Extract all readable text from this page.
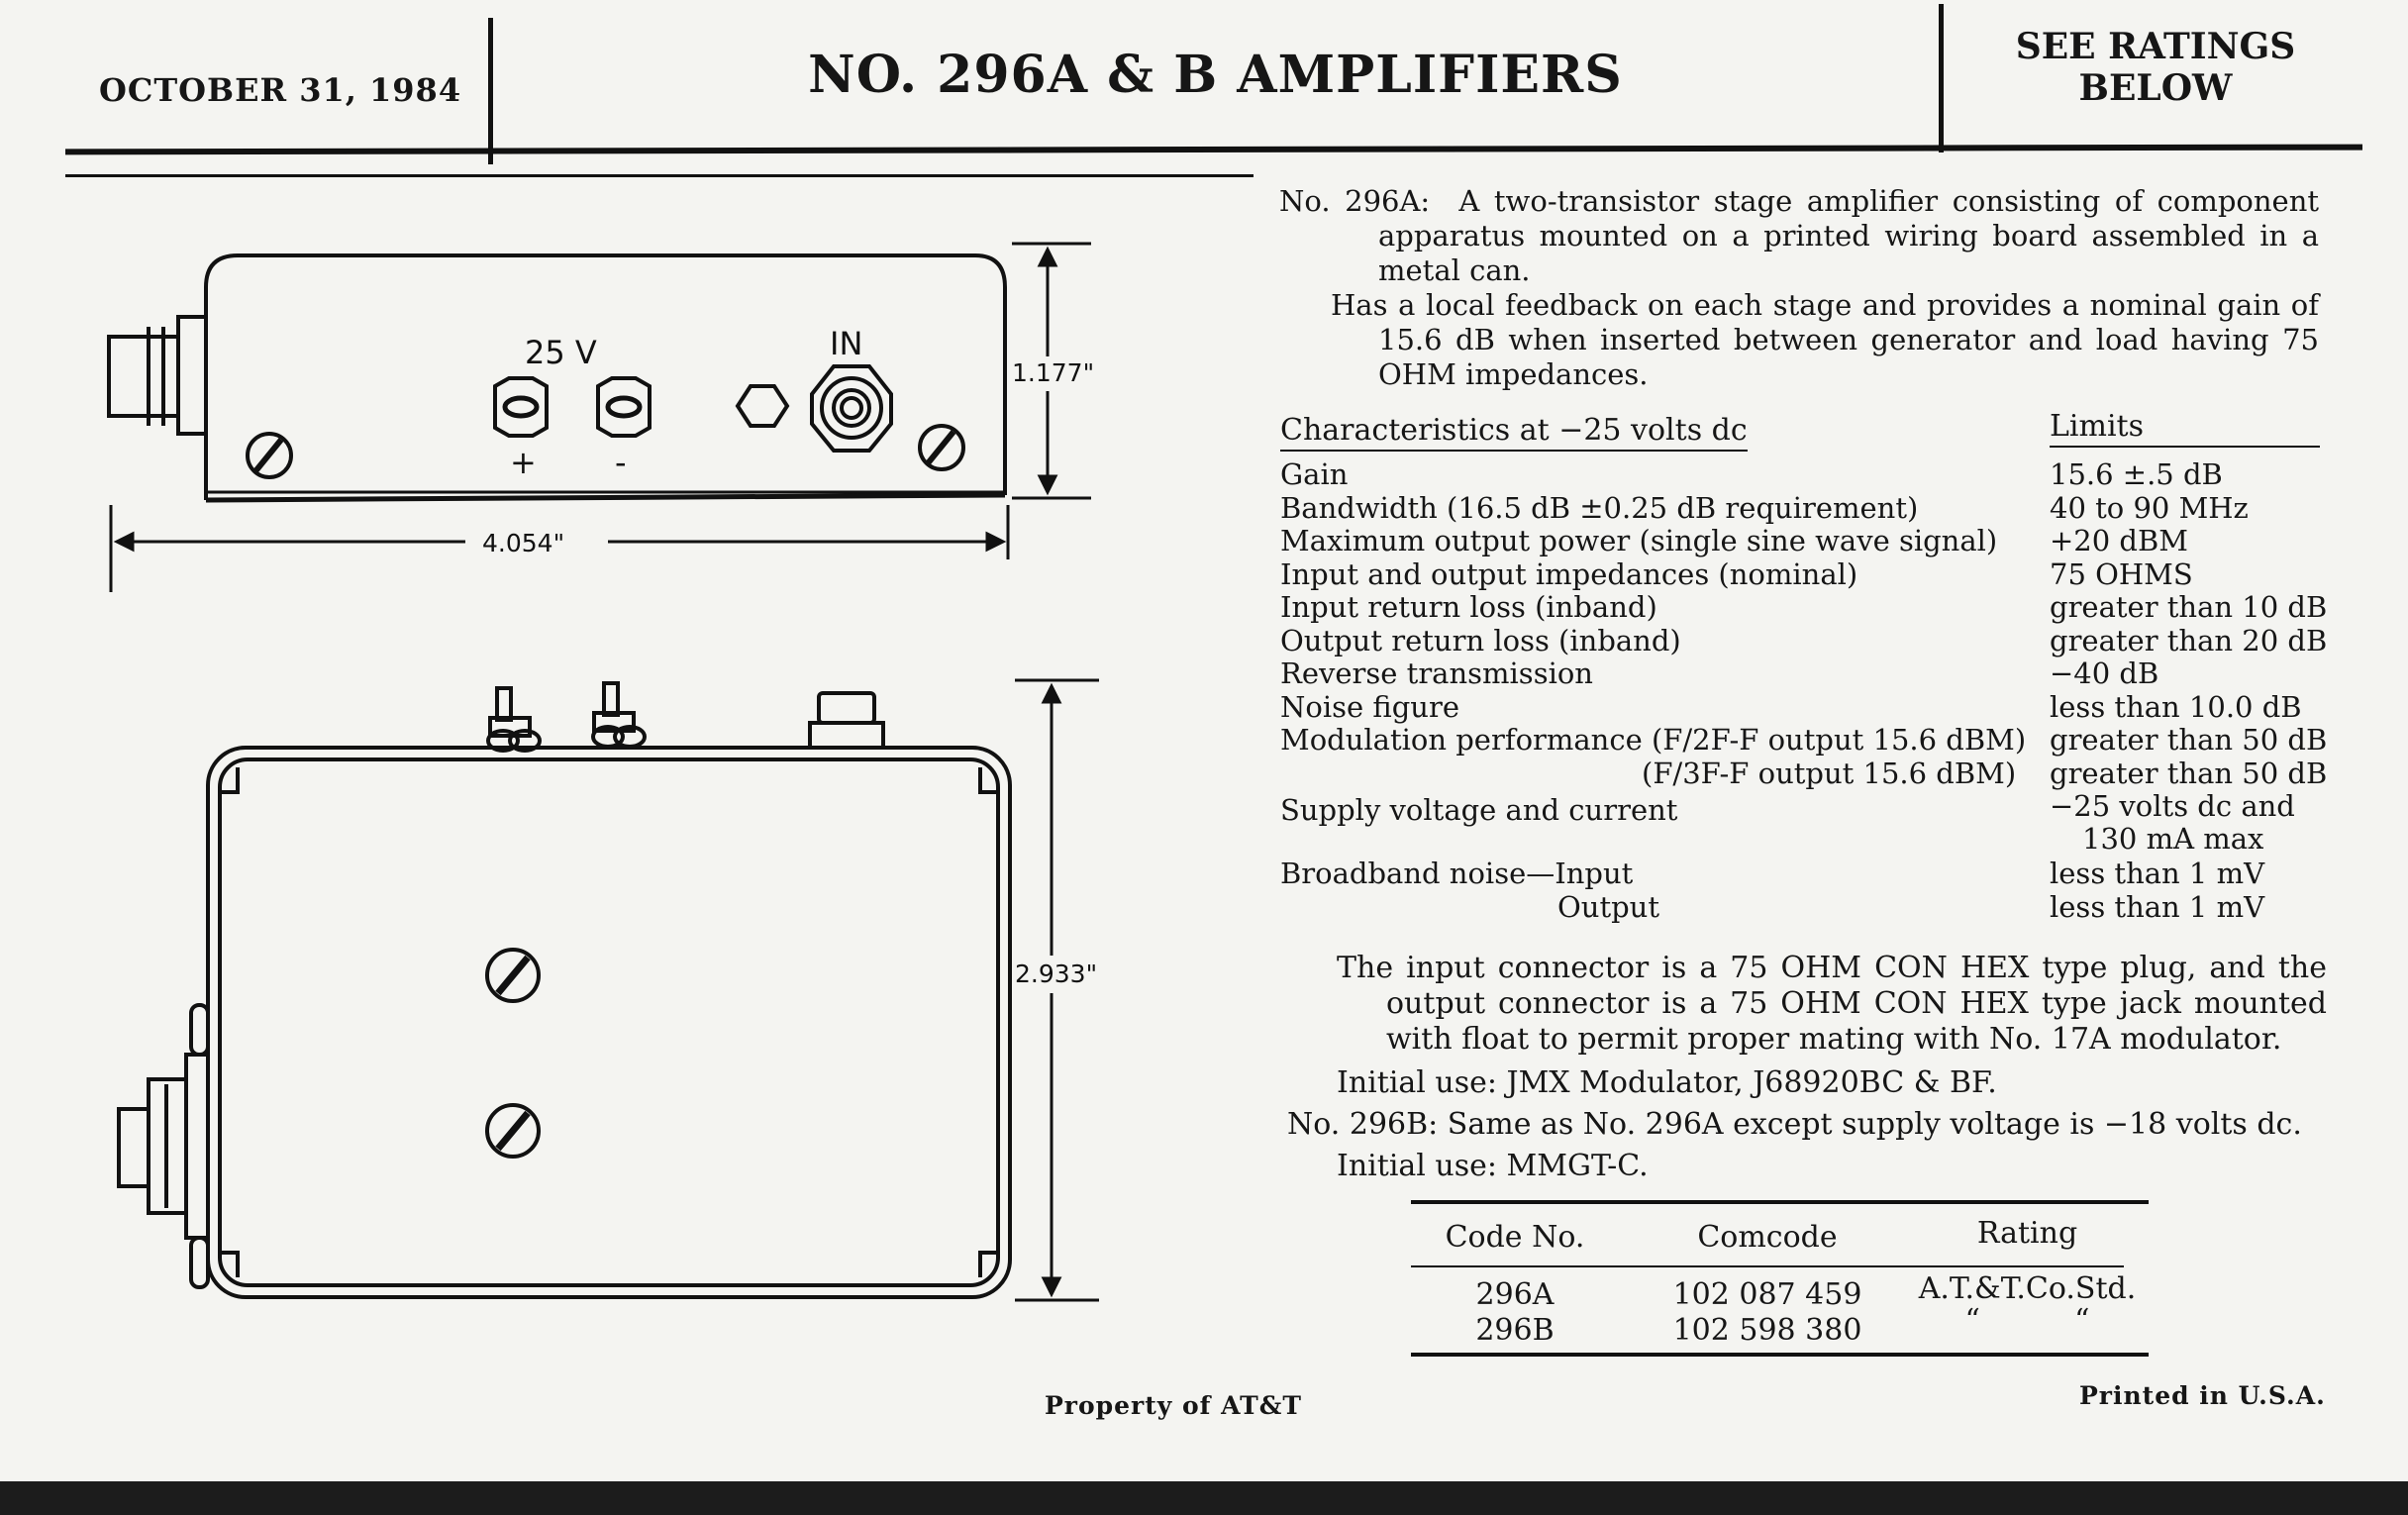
OCTOBER 31, 1984	NO. 296A & B AMPLIFIERS	SEE RATINGS
BELOW
25 V	IN
+ -
1.177"
4.054"
2.933"
No. 296A: A two-transistor stage amplifier consisting of component apparatus mounted on a printed wiring board assembled in a metal can.
Has a local feedback on each stage and provides a nominal gain of 15.6 dB when inserted between generator and load having 75 OHM impedances.
Characteristics at −25 volts dc	Limits
Gain	15.6 ±.5 dB
Bandwidth (16.5 dB ±0.25 dB requirement)	40 to 90 MHz
Maximum output power (single sine wave signal) +20 dBM
Input and output impedances (nominal)	75 OHMS
Input return loss (inband)	greater than 10 dB
Output return loss (inband)	greater than 20 dB
Reverse transmission	−40 dB
Noise figure	less than 10.0 dB
Modulation performance (F/2F-F output 15.6 dBM) greater than 50 dB
(F/3F-F output 15.6 dBM) greater than 50 dB
Supply voltage and current	−25 volts dc and
130 mA max
Broadband noise—Input	less than 1 mV
Output	less than 1 mV
The input connector is a 75 OHM CON HEX type plug, and the output connector is a 75 OHM CON HEX type jack mounted with float to permit proper mating with No. 17A modulator.
Initial use: JMX Modulator, J68920BC & BF.
No. 296B: Same as No. 296A except supply voltage is −18 volts dc.
Initial use: MMGT-C.
Code No.	Comcode	Rating
296A	102 087 459	A.T.&T.Co.Std.
296B	102 598 380	“          “
Property of AT&T	Printed in U.S.A.
